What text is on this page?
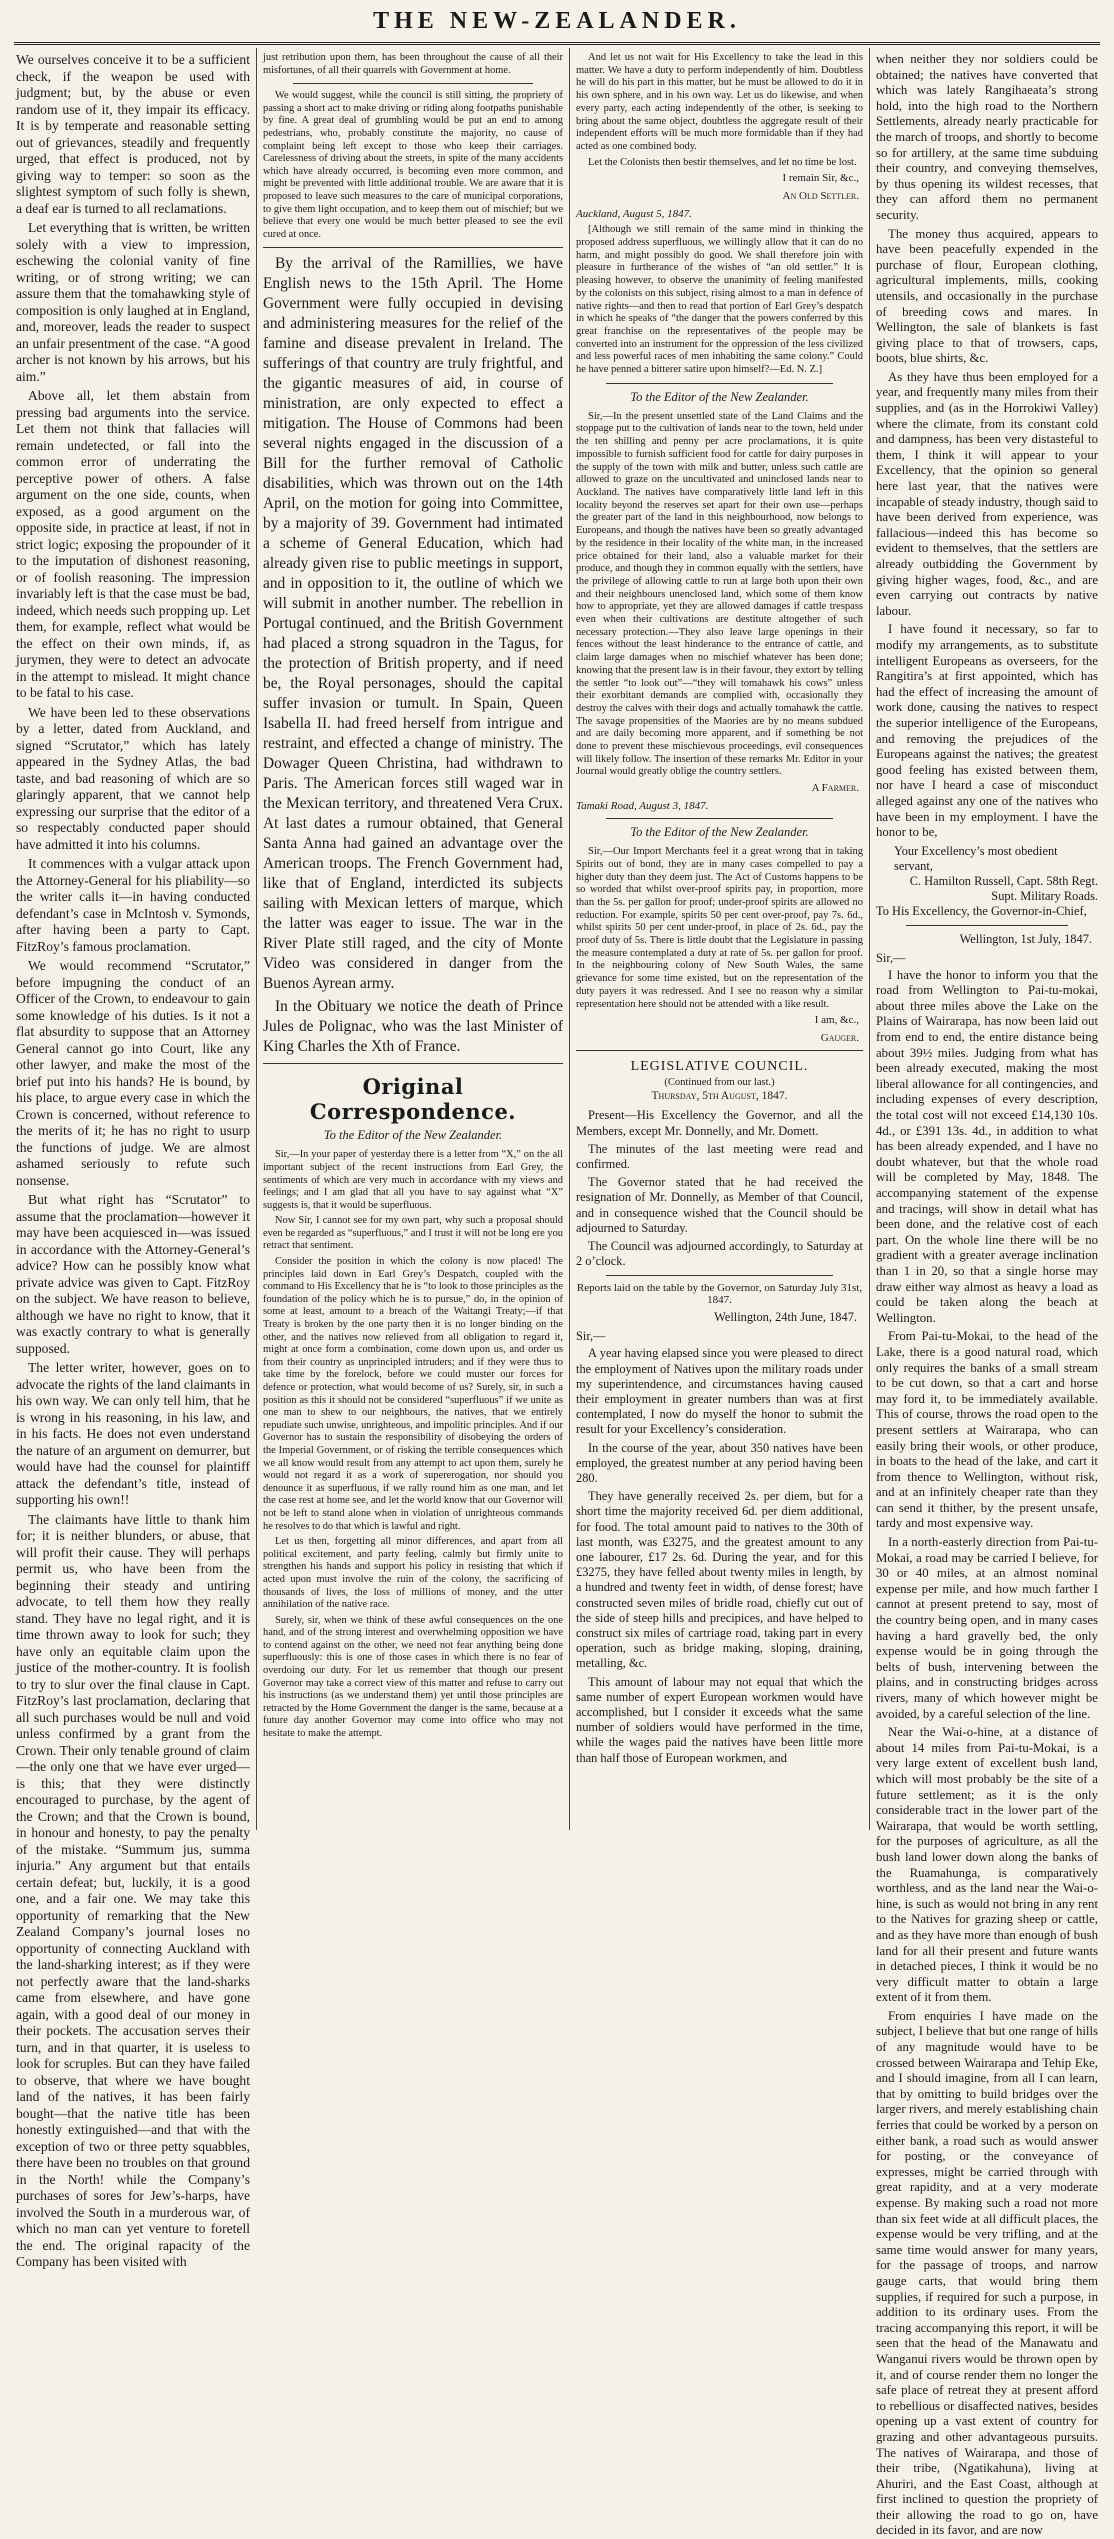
THE NEW-ZEALANDER.

We ourselves conceive it to be a sufficient check, if the weapon be used with judgment; but, by the abuse or even random use of it, they impair its efficacy. It is by temperate and reasonable setting out of grievances, steadily and frequently urged, that effect is produced, not by giving way to temper: so soon as the slightest symptom of such folly is shewn, a deaf ear is turned to all reclamations.

Let everything that is written, be written solely with a view to impression, eschewing the colonial vanity of fine writing, or of strong writing; we can assure them that the tomahawking style of composition is only laughed at in England, and, moreover, leads the reader to suspect an unfair presentment of the case. “A good archer is not known by his arrows, but his aim.”

Above all, let them abstain from pressing bad arguments into the service. Let them not think that fallacies will remain undetected, or fall into the common error of underrating the perceptive power of others. A false argument on the one side, counts, when exposed, as a good argument on the opposite side, in practice at least, if not in strict logic; exposing the propounder of it to the imputation of dishonest reasoning, or of foolish reasoning. The impression invariably left is that the case must be bad, indeed, which needs such propping up. Let them, for example, reflect what would be the effect on their own minds, if, as jurymen, they were to detect an advocate in the attempt to mislead. It might chance to be fatal to his case.

We have been led to these observations by a letter, dated from Auckland, and signed “Scrutator,” which has lately appeared in the Sydney Atlas, the bad taste, and bad reasoning of which are so glaringly apparent, that we cannot help expressing our surprise that the editor of a so respectably conducted paper should have admitted it into his columns.

It commences with a vulgar attack upon the Attorney-General for his pliability—so the writer calls it—in having conducted defendant’s case in McIntosh v. Symonds, after having been a party to Capt. FitzRoy’s famous proclamation.

We would recommend “Scrutator,” before impugning the conduct of an Officer of the Crown, to endeavour to gain some knowledge of his duties. Is it not a flat absurdity to suppose that an Attorney General cannot go into Court, like any other lawyer, and make the most of the brief put into his hands? He is bound, by his place, to argue every case in which the Crown is concerned, without reference to the merits of it; he has no right to usurp the functions of judge. We are almost ashamed seriously to refute such nonsense.

But what right has “Scrutator” to assume that the proclamation—however it may have been acquiesced in—was issued in accordance with the Attorney-General’s advice? How can he possibly know what private advice was given to Capt. FitzRoy on the subject. We have reason to believe, although we have no right to know, that it was exactly contrary to what is generally supposed.

The letter writer, however, goes on to advocate the rights of the land claimants in his own way. We can only tell him, that he is wrong in his reasoning, in his law, and in his facts. He does not even understand the nature of an argument on demurrer, but would have had the counsel for plaintiff attack the defendant’s title, instead of supporting his own!!

The claimants have little to thank him for; it is neither blunders, or abuse, that will profit their cause. They will perhaps permit us, who have been from the beginning their steady and untiring advocate, to tell them how they really stand. They have no legal right, and it is time thrown away to look for such; they have only an equitable claim upon the justice of the mother-country. It is foolish to try to slur over the final clause in Capt. FitzRoy’s last proclamation, declaring that all such purchases would be null and void unless confirmed by a grant from the Crown. Their only tenable ground of claim—the only one that we have ever urged—is this; that they were distinctly encouraged to purchase, by the agent of the Crown; and that the Crown is bound, in honour and honesty, to pay the penalty of the mistake. “Summum jus, summa injuria.” Any argument but that entails certain defeat; but, luckily, it is a good one, and a fair one. We may take this opportunity of remarking that the New Zealand Company’s journal loses no opportunity of connecting Auckland with the land-sharking interest; as if they were not perfectly aware that the land-sharks came from elsewhere, and have gone again, with a good deal of our money in their pockets. The accusation serves their turn, and in that quarter, it is useless to look for scruples. But can they have failed to observe, that where we have bought land of the natives, it has been fairly bought—that the native title has been honestly extinguished—and that with the exception of two or three petty squabbles, there have been no troubles on that ground in the North! while the Company’s purchases of sores for Jew’s-harps, have involved the South in a murderous war, of which no man can yet venture to foretell the end. The original rapacity of the Company has been visited with

just retribution upon them, has been throughout the cause of all their misfortunes, of all their quarrels with Government at home.

We would suggest, while the council is still sitting, the propriety of passing a short act to make driving or riding along footpaths punishable by fine. A great deal of grumbling would be put an end to among pedestrians, who, probably constitute the majority, no cause of complaint being left except to those who keep their carriages. Carelessness of driving about the streets, in spite of the many accidents which have already occurred, is becoming even more common, and might be prevented with little additional trouble. We are aware that it is proposed to leave such measures to the care of municipal corporations, to give them light occupation, and to keep them out of mischief; but we believe that every one would be much better pleased to see the evil cured at once.

By the arrival of the Ramillies, we have English news to the 15th April. The Home Government were fully occupied in devising and administering measures for the relief of the famine and disease prevalent in Ireland. The sufferings of that country are truly frightful, and the gigantic measures of aid, in course of ministration, are only expected to effect a mitigation. The House of Commons had been several nights engaged in the discussion of a Bill for the further removal of Catholic disabilities, which was thrown out on the 14th April, on the motion for going into Committee, by a majority of 39. Government had intimated a scheme of General Education, which had already given rise to public meetings in support, and in opposition to it, the outline of which we will submit in another number. The rebellion in Portugal continued, and the British Government had placed a strong squadron in the Tagus, for the protection of British property, and if need be, the Royal personages, should the capital suffer invasion or tumult. In Spain, Queen Isabella II. had freed herself from intrigue and restraint, and effected a change of ministry. The Dowager Queen Christina, had withdrawn to Paris. The American forces still waged war in the Mexican territory, and threatened Vera Crux. At last dates a rumour obtained, that General Santa Anna had gained an advantage over the American troops. The French Government had, like that of England, interdicted its subjects sailing with Mexican letters of marque, which the latter was eager to issue. The war in the River Plate still raged, and the city of Monte Video was considered in danger from the Buenos Ayrean army.

In the Obituary we notice the death of Prince Jules de Polignac, who was the last Minister of King Charles the Xth of France.

Original Correspondence.
To the Editor of the New Zealander.

Sir,—In your paper of yesterday there is a letter from “X,” on the all important subject of the recent instructions from Earl Grey, the sentiments of which are very much in accordance with my views and feelings; and I am glad that all you have to say against what “X” suggests is, that it would be superfluous.

Now Sir, I cannot see for my own part, why such a proposal should even be regarded as “superfluous,” and I trust it will not be long ere you retract that sentiment.

Consider the position in which the colony is now placed! The principles laid down in Earl Grey’s Despatch, coupled with the command to His Excellency that he is “to look to those principles as the foundation of the policy which he is to pursue,” do, in the opinion of some at least, amount to a breach of the Waitangi Treaty;—if that Treaty is broken by the one party then it is no longer binding on the other, and the natives now relieved from all obligation to regard it, might at once form a combination, come down upon us, and order us from their country as unprincipled intruders; and if they were thus to take time by the forelock, before we could muster our forces for defence or protection, what would become of us? Surely, sir, in such a position as this it should not be considered “superfluous” if we unite as one man to shew to our neighbours, the natives, that we entirely repudiate such unwise, unrighteous, and impolitic principles. And if our Governor has to sustain the responsibility of disobeying the orders of the Imperial Government, or of risking the terrible consequences which we all know would result from any attempt to act upon them, surely he would not regard it as a work of supererogation, nor should you denounce it as superfluous, if we rally round him as one man, and let the case rest at home see, and let the world know that our Governor will not be left to stand alone when in violation of unrighteous commands he resolves to do that which is lawful and right.

Let us then, forgetting all minor differences, and apart from all political excitement, and party feeling, calmly but firmly unite to strengthen his hands and support his policy in resisting that which if acted upon must involve the ruin of the colony, the sacrificing of thousands of lives, the loss of millions of money, and the utter annihilation of the native race.

Surely, sir, when we think of these awful consequences on the one hand, and of the strong interest and overwhelming opposition we have to contend against on the other, we need not fear anything being done superfluously: this is one of those cases in which there is no fear of overdoing our duty. For let us remember that though our present Governor may take a correct view of this matter and refuse to carry out his instructions (as we understand them) yet until those principles are retracted by the Home Government the danger is the same, because at a future day another Governor may come into office who may not hesitate to make the attempt.

And let us not wait for His Excellency to take the lead in this matter. We have a duty to perform independently of him. Doubtless he will do his part in this matter, but he must be allowed to do it in his own sphere, and in his own way. Let us do likewise, and when every party, each acting independently of the other, is seeking to bring about the same object, doubtless the aggregate result of their independent efforts will be much more formidable than if they had acted as one combined body.

Let the Colonists then bestir themselves, and let no time be lost.

I remain Sir, &c.,
An Old Settler.
Auckland, August 5, 1847.

[Although we still remain of the same mind in thinking the proposed address superfluous, we willingly allow that it can do no harm, and might possibly do good. We shall therefore join with pleasure in furtherance of the wishes of “an old settler.” It is pleasing however, to observe the unanimity of feeling manifested by the colonists on this subject, rising almost to a man in defence of native rights—and then to read that portion of Earl Grey’s despatch in which he speaks of “the danger that the powers conferred by this great franchise on the representatives of the people may be converted into an instrument for the oppression of the less civilized and less powerful races of men inhabiting the same colony.” Could he have penned a bitterer satire upon himself?—Ed. N. Z.]

To the Editor of the New Zealander.

Sir,—In the present unsettled state of the Land Claims and the stoppage put to the cultivation of lands near to the town, held under the ten shilling and penny per acre proclamations, it is quite impossible to furnish sufficient food for cattle for dairy purposes in the supply of the town with milk and butter, unless such cattle are allowed to graze on the uncultivated and uninclosed lands near to Auckland. The natives have comparatively little land left in this locality beyond the reserves set apart for their own use—perhaps the greater part of the land in this neighbourhood, now belongs to Europeans, and though the natives have been so greatly advantaged by the residence in their locality of the white man, in the increased price obtained for their land, also a valuable market for their produce, and though they in common equally with the settlers, have the privilege of allowing cattle to run at large both upon their own and their neighbours unenclosed land, which some of them know how to appropriate, yet they are allowed damages if cattle trespass even when their cultivations are destitute altogether of such necessary protection.—They also leave large openings in their fences without the least hinderance to the entrance of cattle, and claim large damages when no mischief whatever has been done; knowing that the present law is in their favour, they extort by telling the settler “to look out”—“they will tomahawk his cows” unless their exorbitant demands are complied with, occasionally they destroy the calves with their dogs and actually tomahawk the cattle. The savage propensities of the Maories are by no means subdued and are daily becoming more apparent, and if something be not done to prevent these mischievous proceedings, evil consequences will likely follow. The insertion of these remarks Mr. Editor in your Journal would greatly oblige the country settlers.

A Farmer.
Tamaki Road, August 3, 1847.
To the Editor of the New Zealander.

Sir,—Our Import Merchants feel it a great wrong that in taking Spirits out of bond, they are in many cases compelled to pay a higher duty than they deem just. The Act of Customs happens to be so worded that whilst over-proof spirits pay, in proportion, more than the 5s. per gallon for proof; under-proof spirits are allowed no reduction. For example, spirits 50 per cent over-proof, pay 7s. 6d., whilst spirits 50 per cent under-proof, in place of 2s. 6d., pay the proof duty of 5s. There is little doubt that the Legislature in passing the measure contemplated a duty at rate of 5s. per gallon for proof. In the neighbouring colony of New South Wales, the same grievance for some time existed, but on the representation of the duty payers it was redressed. And I see no reason why a similar representation here should not be attended with a like result.

I am, &c.,
Gauger.
LEGISLATIVE COUNCIL.
(Continued from our last.)
Thursday, 5th August, 1847.

Present—His Excellency the Governor, and all the Members, except Mr. Donnelly, and Mr. Domett.

The minutes of the last meeting were read and confirmed.

The Governor stated that he had received the resignation of Mr. Donnelly, as Member of that Council, and in consequence wished that the Council should be adjourned to Saturday.

The Council was adjourned accordingly, to Saturday at 2 o’clock.

Reports laid on the table by the Governor, on Saturday July 31st, 1847.
Wellington, 24th June, 1847.
Sir,—

A year having elapsed since you were pleased to direct the employment of Natives upon the military roads under my superintendence, and circumstances having caused their employment in greater numbers than was at first contemplated, I now do myself the honor to submit the result for your Excellency’s consideration.

In the course of the year, about 350 natives have been employed, the greatest number at any period having been 280.

They have generally received 2s. per diem, but for a short time the majority received 6d. per diem additional, for food. The total amount paid to natives to the 30th of last month, was £3275, and the greatest amount to any one labourer, £17 2s. 6d. During the year, and for this £3275, they have felled about twenty miles in length, by a hundred and twenty feet in width, of dense forest; have constructed seven miles of bridle road, chiefly cut out of the side of steep hills and precipices, and have helped to construct six miles of cartriage road, taking part in every operation, such as bridge making, sloping, draining, metalling, &c.

This amount of labour may not equal that which the same number of expert European workmen would have accomplished, but I consider it exceeds what the same number of soldiers would have performed in the time, while the wages paid the natives have been little more than half those of European workmen, and

when neither they nor soldiers could be obtained; the natives have converted that which was lately Rangihaeata’s strong hold, into the high road to the Northern Settlements, already nearly practicable for the march of troops, and shortly to become so for artillery, at the same time subduing their country, and conveying themselves, by thus opening its wildest recesses, that they can afford them no permanent security.

The money thus acquired, appears to have been peacefully expended in the purchase of flour, European clothing, agricultural implements, mills, cooking utensils, and occasionally in the purchase of breeding cows and mares. In Wellington, the sale of blankets is fast giving place to that of trowsers, caps, boots, blue shirts, &c.

As they have thus been employed for a year, and frequently many miles from their supplies, and (as in the Horrokiwi Valley) where the climate, from its constant cold and dampness, has been very distasteful to them, I think it will appear to your Excellency, that the opinion so general here last year, that the natives were incapable of steady industry, though said to have been derived from experience, was fallacious—indeed this has become so evident to themselves, that the settlers are already outbidding the Government by giving higher wages, food, &c., and are even carrying out contracts by native labour.

I have found it necessary, so far to modify my arrangements, as to substitute intelligent Europeans as overseers, for the Rangitira’s at first appointed, which has had the effect of increasing the amount of work done, causing the natives to respect the superior intelligence of the Europeans, and removing the prejudices of the Europeans against the natives; the greatest good feeling has existed between them, nor have I heard a case of misconduct alleged against any one of the natives who have been in my employment. I have the honor to be,

Your Excellency’s most obedient servant,
C. Hamilton Russell, Capt. 58th Regt.
Supt. Military Roads.
To His Excellency, the Governor-in-Chief,
Wellington, 1st July, 1847.
Sir,—

I have the honor to inform you that the road from Wellington to Pai-tu-mokai, about three miles above the Lake on the Plains of Wairarapa, has now been laid out from end to end, the entire distance being about 39½ miles. Judging from what has been already executed, making the most liberal allowance for all contingencies, and including expenses of every description, the total cost will not exceed £14,130 10s. 4d., or £391 13s. 4d., in addition to what has been already expended, and I have no doubt whatever, but that the whole road will be completed by May, 1848. The accompanying statement of the expense and tracings, will show in detail what has been done, and the relative cost of each part. On the whole line there will be no gradient with a greater average inclination than 1 in 20, so that a single horse may draw either way almost as heavy a load as could be taken along the beach at Wellington.

From Pai-tu-Mokai, to the head of the Lake, there is a good natural road, which only requires the banks of a small stream to be cut down, so that a cart and horse may ford it, to be immediately available. This of course, throws the road open to the present settlers at Wairarapa, who can easily bring their wools, or other produce, in boats to the head of the lake, and cart it from thence to Wellington, without risk, and at an infinitely cheaper rate than they can send it thither, by the present unsafe, tardy and most expensive way.

In a north-easterly direction from Pai-tu-Mokai, a road may be carried I believe, for 30 or 40 miles, at an almost nominal expense per mile, and how much farther I cannot at present pretend to say, most of the country being open, and in many cases having a hard gravelly bed, the only expense would be in going through the belts of bush, intervening between the plains, and in constructing bridges across rivers, many of which however might be avoided, by a careful selection of the line.

Near the Wai-o-hine, at a distance of about 14 miles from Pai-tu-Mokai, is a very large extent of excellent bush land, which will most probably be the site of a future settlement; as it is the only considerable tract in the lower part of the Wairarapa, that would be worth settling, for the purposes of agriculture, as all the bush land lower down along the banks of the Ruamahunga, is comparatively worthless, and as the land near the Wai-o-hine, is such as would not bring in any rent to the Natives for grazing sheep or cattle, and as they have more than enough of bush land for all their present and future wants in detached pieces, I think it would be no very difficult matter to obtain a large extent of it from them.

From enquiries I have made on the subject, I believe that but one range of hills of any magnitude would have to be crossed between Wairarapa and Tehip Eke, and I should imagine, from all I can learn, that by omitting to build bridges over the larger rivers, and merely establishing chain ferries that could be worked by a person on either bank, a road such as would answer for posting, or the conveyance of expresses, might be carried through with great rapidity, and at a very moderate expense. By making such a road not more than six feet wide at all difficult places, the expense would be very trifling, and at the same time would answer for many years, for the passage of troops, and narrow gauge carts, that would bring them supplies, if required for such a purpose, in addition to its ordinary uses. From the tracing accompanying this report, it will be seen that the head of the Manawatu and Wanganui rivers would be thrown open by it, and of course render them no longer the safe place of retreat they at present afford to rebellious or disaffected natives, besides opening up a vast extent of country for grazing and other advantageous pursuits. The natives of Wairarapa, and those of their tribe, (Ngatikahuna), living at Ahuriri, and the East Coast, although at first inclined to question the propriety of their allowing the road to go on, have decided in its favor, and are now
